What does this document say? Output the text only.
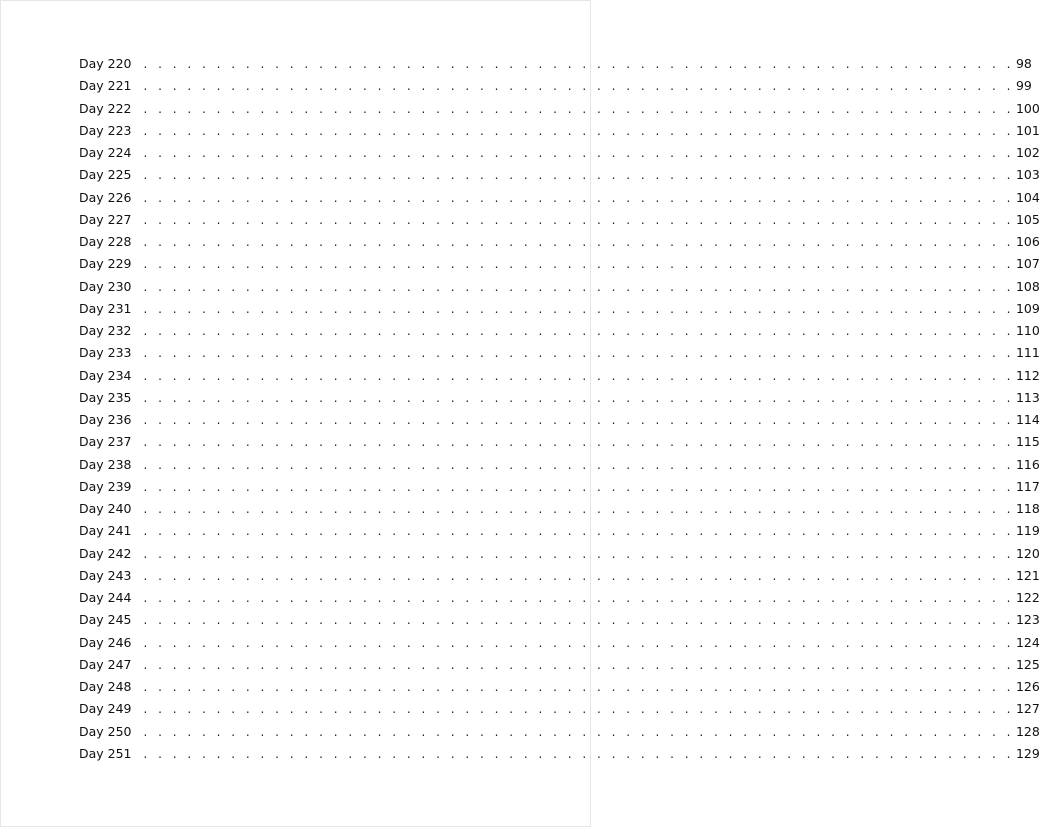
Day 220 . . . . . . . . . . . . . . . . . . . . . . . . . . . . . . . . . . . . . . . . . . . . . . . . . . . . . . . . . . . . 98
Day 221 . . . . . . . . . . . . . . . . . . . . . . . . . . . . . . . . . . . . . . . . . . . . . . . . . . . . . . . . . . . . 99
Day 222 . . . . . . . . . . . . . . . . . . . . . . . . . . . . . . . . . . . . . . . . . . . . . . . . . . . . . . . . . . . . 100
Day 223 . . . . . . . . . . . . . . . . . . . . . . . . . . . . . . . . . . . . . . . . . . . . . . . . . . . . . . . . . . . . 101
Day 224 . . . . . . . . . . . . . . . . . . . . . . . . . . . . . . . . . . . . . . . . . . . . . . . . . . . . . . . . . . . . 102
Day 225 . . . . . . . . . . . . . . . . . . . . . . . . . . . . . . . . . . . . . . . . . . . . . . . . . . . . . . . . . . . . 103
Day 226 . . . . . . . . . . . . . . . . . . . . . . . . . . . . . . . . . . . . . . . . . . . . . . . . . . . . . . . . . . . . 104
Day 227 . . . . . . . . . . . . . . . . . . . . . . . . . . . . . . . . . . . . . . . . . . . . . . . . . . . . . . . . . . . . 105
Day 228 . . . . . . . . . . . . . . . . . . . . . . . . . . . . . . . . . . . . . . . . . . . . . . . . . . . . . . . . . . . . 106
Day 229 . . . . . . . . . . . . . . . . . . . . . . . . . . . . . . . . . . . . . . . . . . . . . . . . . . . . . . . . . . . . 107
Day 230 . . . . . . . . . . . . . . . . . . . . . . . . . . . . . . . . . . . . . . . . . . . . . . . . . . . . . . . . . . . . 108
Day 231 . . . . . . . . . . . . . . . . . . . . . . . . . . . . . . . . . . . . . . . . . . . . . . . . . . . . . . . . . . . . 109
Day 232 . . . . . . . . . . . . . . . . . . . . . . . . . . . . . . . . . . . . . . . . . . . . . . . . . . . . . . . . . . . . 110
Day 233 . . . . . . . . . . . . . . . . . . . . . . . . . . . . . . . . . . . . . . . . . . . . . . . . . . . . . . . . . . . . 111
Day 234 . . . . . . . . . . . . . . . . . . . . . . . . . . . . . . . . . . . . . . . . . . . . . . . . . . . . . . . . . . . . 112
Day 235 . . . . . . . . . . . . . . . . . . . . . . . . . . . . . . . . . . . . . . . . . . . . . . . . . . . . . . . . . . . . 113
Day 236 . . . . . . . . . . . . . . . . . . . . . . . . . . . . . . . . . . . . . . . . . . . . . . . . . . . . . . . . . . . . 114
Day 237 . . . . . . . . . . . . . . . . . . . . . . . . . . . . . . . . . . . . . . . . . . . . . . . . . . . . . . . . . . . . 115
Day 238 . . . . . . . . . . . . . . . . . . . . . . . . . . . . . . . . . . . . . . . . . . . . . . . . . . . . . . . . . . . . 116
Day 239 . . . . . . . . . . . . . . . . . . . . . . . . . . . . . . . . . . . . . . . . . . . . . . . . . . . . . . . . . . . . 117
Day 240 . . . . . . . . . . . . . . . . . . . . . . . . . . . . . . . . . . . . . . . . . . . . . . . . . . . . . . . . . . . . 118
Day 241 . . . . . . . . . . . . . . . . . . . . . . . . . . . . . . . . . . . . . . . . . . . . . . . . . . . . . . . . . . . . 119
Day 242 . . . . . . . . . . . . . . . . . . . . . . . . . . . . . . . . . . . . . . . . . . . . . . . . . . . . . . . . . . . . 120
Day 243 . . . . . . . . . . . . . . . . . . . . . . . . . . . . . . . . . . . . . . . . . . . . . . . . . . . . . . . . . . . . 121
Day 244 . . . . . . . . . . . . . . . . . . . . . . . . . . . . . . . . . . . . . . . . . . . . . . . . . . . . . . . . . . . . 122
Day 245 . . . . . . . . . . . . . . . . . . . . . . . . . . . . . . . . . . . . . . . . . . . . . . . . . . . . . . . . . . . . 123
Day 246 . . . . . . . . . . . . . . . . . . . . . . . . . . . . . . . . . . . . . . . . . . . . . . . . . . . . . . . . . . . . 124
Day 247 . . . . . . . . . . . . . . . . . . . . . . . . . . . . . . . . . . . . . . . . . . . . . . . . . . . . . . . . . . . . 125
Day 248 . . . . . . . . . . . . . . . . . . . . . . . . . . . . . . . . . . . . . . . . . . . . . . . . . . . . . . . . . . . . 126
Day 249 . . . . . . . . . . . . . . . . . . . . . . . . . . . . . . . . . . . . . . . . . . . . . . . . . . . . . . . . . . . . 127
Day 250 . . . . . . . . . . . . . . . . . . . . . . . . . . . . . . . . . . . . . . . . . . . . . . . . . . . . . . . . . . . . 128
Day 251 . . . . . . . . . . . . . . . . . . . . . . . . . . . . . . . . . . . . . . . . . . . . . . . . . . . . . . . . . . . . 129
